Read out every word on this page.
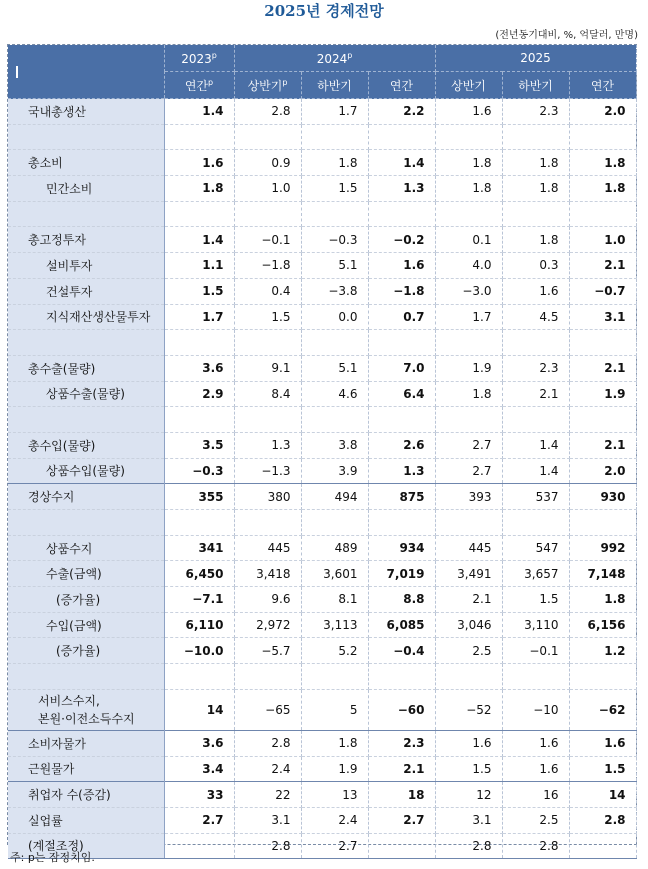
2025년 경제전망
(전년동기대비, %, 억달러, 만명)
	2023$^p$	2024$^p$			2025		
	연간$^p$	상반기$^p$	하반기	연간	상반기	하반기	연간
국내총생산	1.4	2.8	1.7	2.2	1.6	2.3	2.0

총소비	1.6	0.9	1.8	1.4	1.8	1.8	1.8
민간소비	1.8	1.0	1.5	1.3	1.8	1.8	1.8

총고정투자	1.4	−0.1	−0.3	−0.2	0.1	1.8	1.0
설비투자	1.1	−1.8	5.1	1.6	4.0	0.3	2.1
건설투자	1.5	0.4	−3.8	−1.8	−3.0	1.6	−0.7
지식재산생산물투자	1.7	1.5	0.0	0.7	1.7	4.5	3.1

총수출(물량)	3.6	9.1	5.1	7.0	1.9	2.3	2.1
상품수출(물량)	2.9	8.4	4.6	6.4	1.8	2.1	1.9

총수입(물량)	3.5	1.3	3.8	2.6	2.7	1.4	2.1
상품수입(물량)	−0.3	−1.3	3.9	1.3	2.7	1.4	2.0
경상수지	355	380	494	875	393	537	930

상품수지	341	445	489	934	445	547	992
수출(금액)	6,450	3,418	3,601	7,019	3,491	3,657	7,148
(증가율)	−7.1	9.6	8.1	8.8	2.1	1.5	1.8
수입(금액)	6,110	2,972	3,113	6,085	3,046	3,110	6,156
(증가율)	−10.0	−5.7	5.2	−0.4	2.5	−0.1	1.2

서비스수지,
본원·이전소득수지	14	−65	5	−60	−52	−10	−62
소비자물가	3.6	2.8	1.8	2.3	1.6	1.6	1.6
근원물가	3.4	2.4	1.9	2.1	1.5	1.6	1.5
취업자 수(증감)	33	22	13	18	12	16	14
실업률	2.7	3.1	2.4	2.7	3.1	2.5	2.8
(계절조정)		2.8	2.7		2.8	2.8	
주: p는 잠정치임.
